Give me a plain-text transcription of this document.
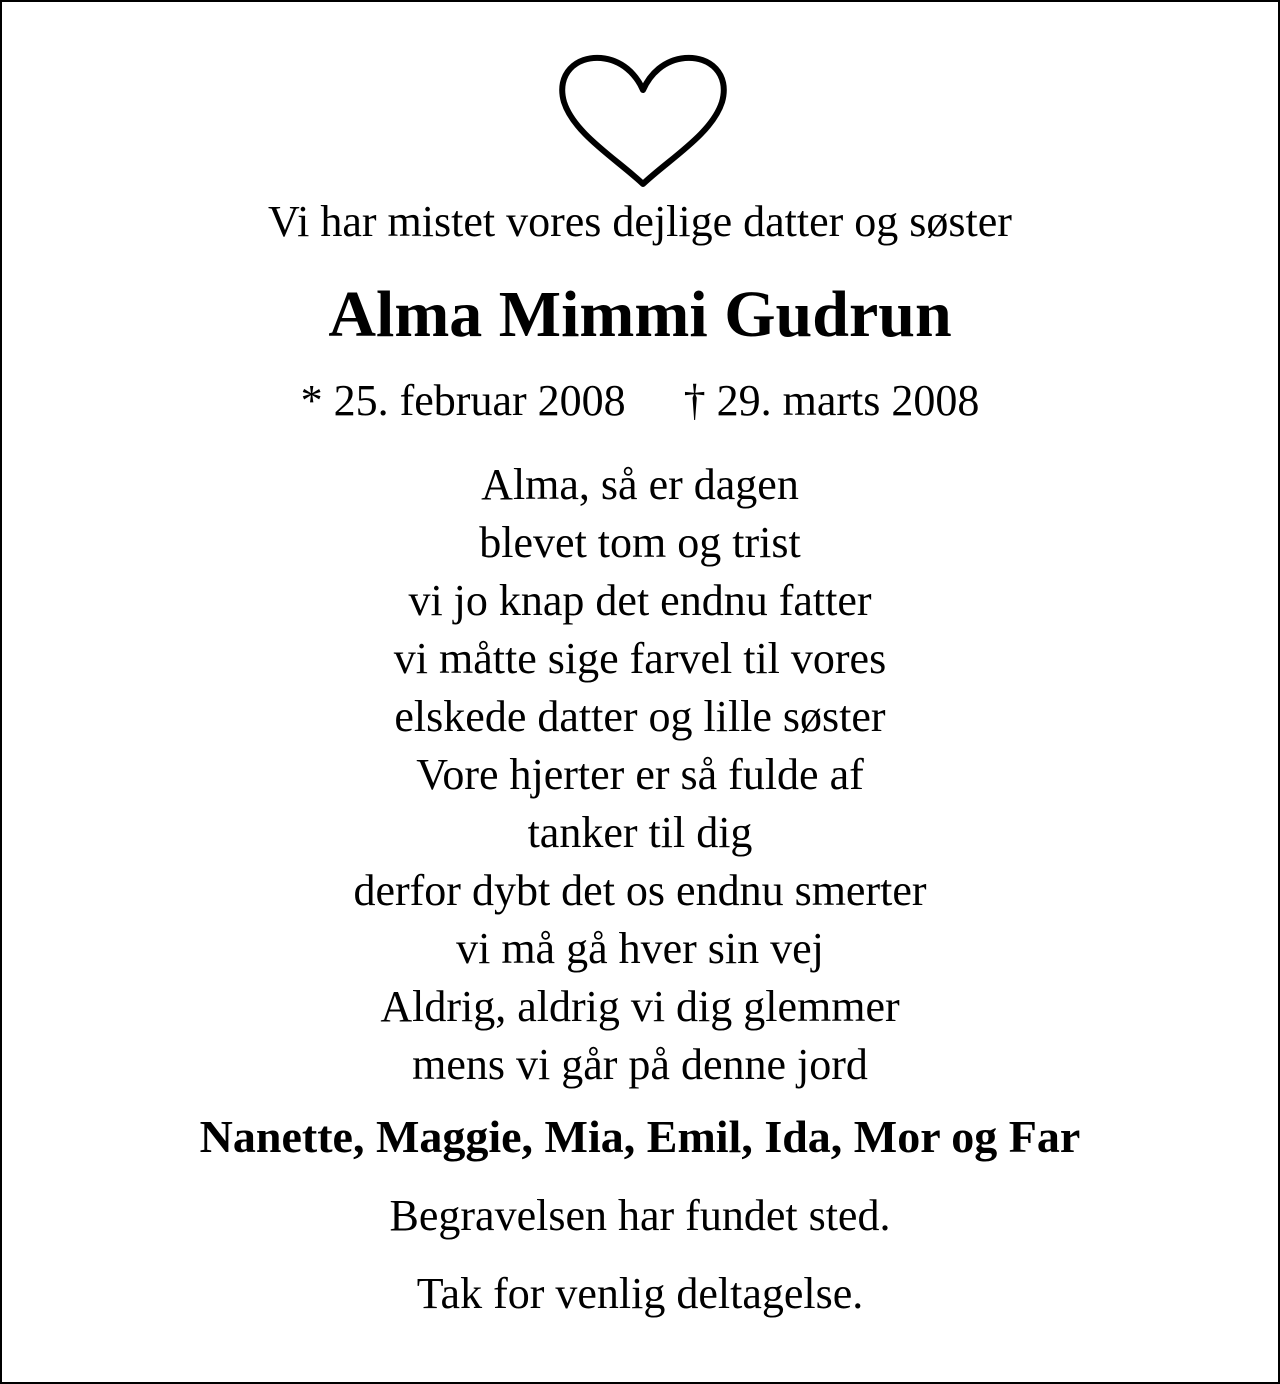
Vi har mistet vores dejlige datter og søster
Alma Mimmi Gudrun
* 25. februar 2008 † 29. marts 2008
Alma, så er dagen
blevet tom og trist
vi jo knap det endnu fatter
vi måtte sige farvel til vores
elskede datter og lille søster
Vore hjerter er så fulde af
tanker til dig
derfor dybt det os endnu smerter
vi må gå hver sin vej
Aldrig, aldrig vi dig glemmer
mens vi går på denne jord
Nanette, Maggie, Mia, Emil, Ida, Mor og Far
Begravelsen har fundet sted.
Tak for venlig deltagelse.
